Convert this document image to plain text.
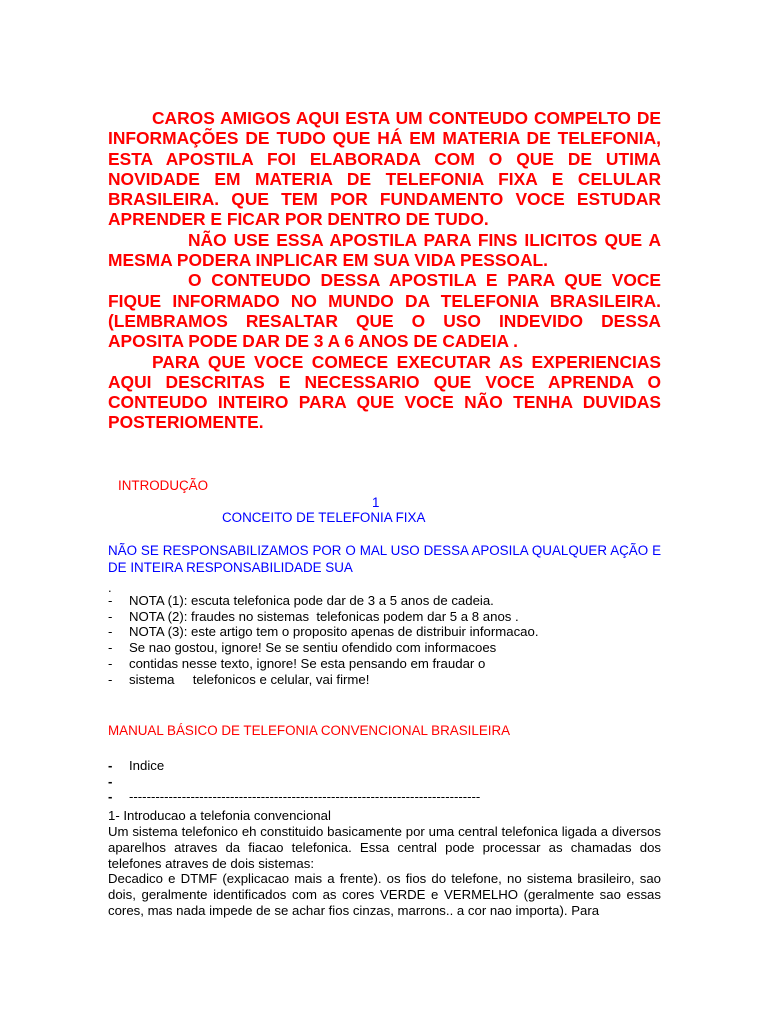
CAROS AMIGOS AQUI ESTA UM CONTEUDO COMPELTO DE INFORMAÇÕES DE TUDO QUE HÁ EM MATERIA DE TELEFONIA, ESTA APOSTILA FOI ELABORADA COM O QUE DE UTIMA NOVIDADE EM MATERIA DE TELEFONIA FIXA E CELULAR BRASILEIRA. QUE TEM POR FUNDAMENTO VOCE ESTUDAR APRENDER E FICAR POR DENTRO DE TUDO.

NÃO USE ESSA APOSTILA PARA FINS ILICITOS QUE A MESMA PODERA INPLICAR EM SUA VIDA PESSOAL.

O CONTEUDO DESSA APOSTILA E PARA QUE VOCE FIQUE INFORMADO NO MUNDO DA TELEFONIA BRASILEIRA. (LEMBRAMOS RESALTAR QUE O USO INDEVIDO DESSA APOSITA PODE DAR DE 3 A 6 ANOS DE CADEIA .

PARA QUE VOCE COMECE EXECUTAR AS EXPERIENCIAS AQUI DESCRITAS E NECESSARIO QUE VOCE APRENDA O CONTEUDO INTEIRO PARA QUE VOCE NÃO TENHA DUVIDAS POSTERIOMENTE.

INTRODUÇÃO
1
CONCEITO DE TELEFONIA FIXA
NÃO SE RESPONSABILIZAMOS POR O MAL USO DESSA APOSILA QUALQUER AÇÃO E DE INTEIRA RESPONSABILIDADE SUA
.
- NOTA (1): escuta telefonica pode dar de 3 a 5 anos de cadeia.
- NOTA (2): fraudes no sistemas  telefonicas podem dar 5 a 8 anos .
- NOTA (3): este artigo tem o proposito apenas de distribuir informacao.
- Se nao gostou, ignore! Se se sentiu ofendido com informacoes
- contidas nesse texto, ignore! Se esta pensando em fraudar o
- sistema     telefonicos e celular, vai firme!
MANUAL BÁSICO DE TELEFONIA CONVENCIONAL BRASILEIRA
- Indice
-
- --------------------------------------------------------------------------------
1- Introducao a telefonia convencional

Um sistema telefonico eh constituido basicamente por uma central telefonica ligada a diversos aparelhos atraves da fiacao telefonica. Essa central pode processar as chamadas dos telefones atraves de dois sistemas:

Decadico e DTMF (explicacao mais a frente). os fios do telefone, no sistema brasileiro, sao dois, geralmente identificados com as cores VERDE e VERMELHO (geralmente sao essas cores, mas nada impede de se achar fios cinzas, marrons.. a cor nao importa). Para
